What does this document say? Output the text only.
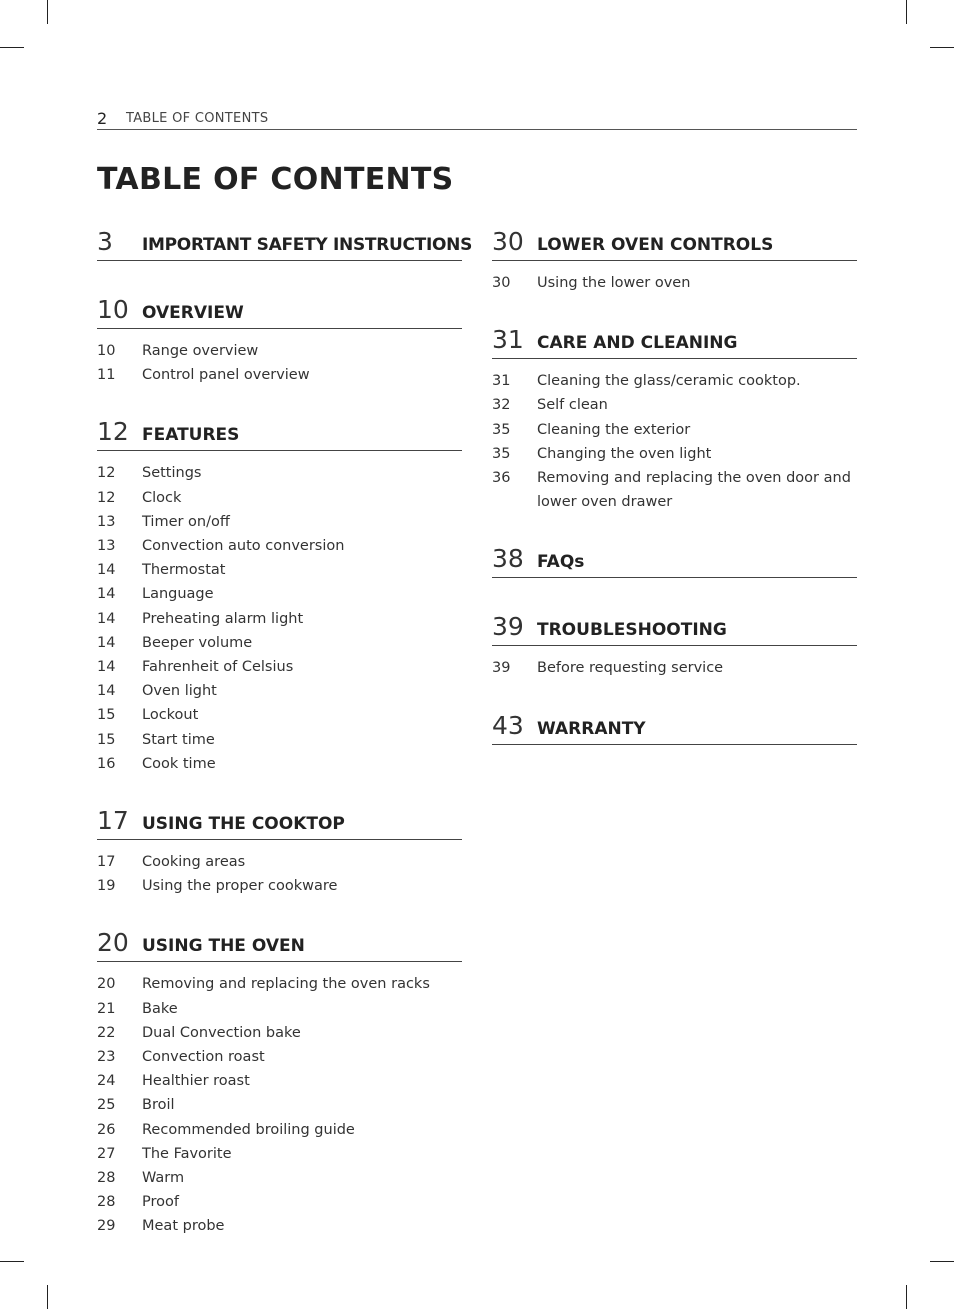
2 TABLE OF CONTENTS
TABLE OF CONTENTS
3 IMPORTANT SAFETY INSTRUCTIONS
10 OVERVIEW
10 Range overview
11 Control panel overview
12 FEATURES
12 Settings
12 Clock
13 Timer on/off
13 Convection auto conversion
14 Thermostat
14 Language
14 Preheating alarm light
14 Beeper volume
14 Fahrenheit of Celsius
14 Oven light
15 Lockout
15 Start time
16 Cook time
17 USING THE COOKTOP
17 Cooking areas
19 Using the proper cookware
20 USING THE OVEN
20 Removing and replacing the oven racks
21 Bake
22 Dual Convection bake
23 Convection roast
24 Healthier roast
25 Broil
26 Recommended broiling guide
27 The Favorite
28 Warm
28 Proof
29 Meat probe
30 LOWER OVEN CONTROLS
30 Using the lower oven
31 CARE AND CLEANING
31 Cleaning the glass/ceramic cooktop.
32 Self clean
35 Cleaning the exterior
35 Changing the oven light
36 Removing and replacing the oven door and lower oven drawer
38 FAQs
39 TROUBLESHOOTING
39 Before requesting service
43 WARRANTY
